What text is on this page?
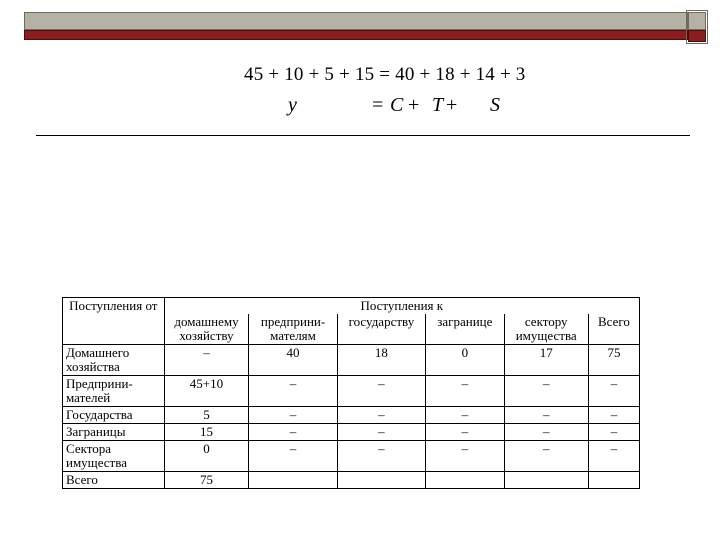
45 + 10 + 5 + 15 = 40 + 18 + 14 + 3
y	= C + T + S
Поступления от	Поступления к					
	домашнему хозяйству	предприни- мателям	государству	загранице	сектору имущества	Всего
Домашнего хозяйства	–	40	18	0	17	75
Предприни- мателей	45+10	–	–	–	–	–
Государства	5	–	–	–	–	–
Заграницы	15	–	–	–	–	–
Сектора имущества	0	–	–	–	–	–
Всего	75					
